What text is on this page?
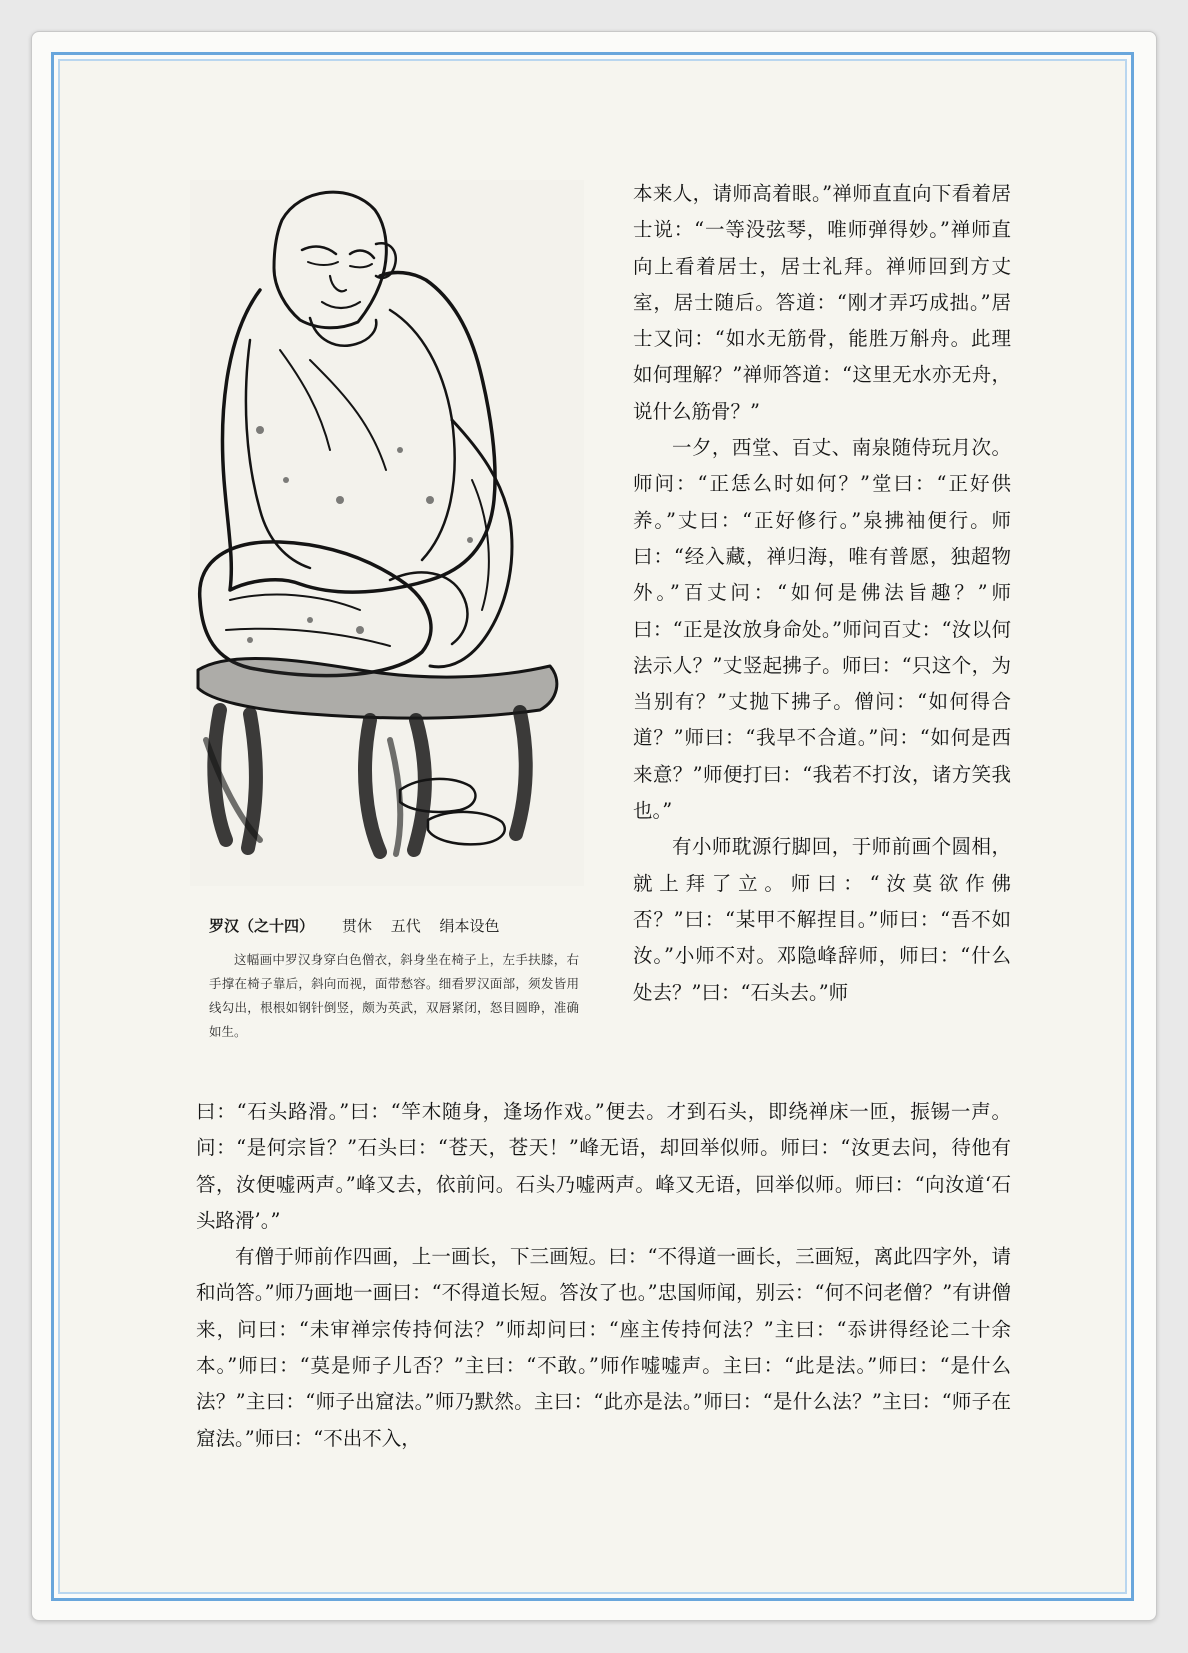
罗汉（之十四） 贯休 五代 绢本设色

这幅画中罗汉身穿白色僧衣，斜身坐在椅子上，左手扶膝，右手撑在椅子靠后，斜向而视，面带愁容。细看罗汉面部，须发皆用线勾出，根根如钢针倒竖，颇为英武，双唇紧闭，怒目圆睁，准确如生。

本来人，请师高着眼。”禅师直直向下看着居士说：“一等没弦琴，唯师弹得妙。”禅师直向上看着居士，居士礼拜。禅师回到方丈室，居士随后。答道：“刚才弄巧成拙。”居士又问：“如水无筋骨，能胜万斛舟。此理如何理解？”禅师答道：“这里无水亦无舟，说什么筋骨？”

一夕，西堂、百丈、南泉随侍玩月次。师问：“正恁么时如何？”堂曰：“正好供养。”丈曰：“正好修行。”泉拂袖便行。师曰：“经入藏，禅归海，唯有普愿，独超物外。”百丈问：“如何是佛法旨趣？”师曰：“正是汝放身命处。”师问百丈：“汝以何法示人？”丈竖起拂子。师曰：“只这个，为当别有？”丈抛下拂子。僧问：“如何得合道？”师曰：“我早不合道。”问：“如何是西来意？”师便打曰：“我若不打汝，诸方笑我也。”

有小师耽源行脚回，于师前画个圆相，就上拜了立。师曰：“汝莫欲作佛否？”曰：“某甲不解捏目。”师曰：“吾不如汝。”小师不对。邓隐峰辞师，师曰：“什么处去？”曰：“石头去。”师

曰：“石头路滑。”曰：“竿木随身，逢场作戏。”便去。才到石头，即绕禅床一匝，振锡一声。问：“是何宗旨？”石头曰：“苍天，苍天！”峰无语，却回举似师。师曰：“汝更去问，待他有答，汝便嘘两声。”峰又去，依前问。石头乃嘘两声。峰又无语，回举似师。师曰：“向汝道‘石头路滑’。”

有僧于师前作四画，上一画长，下三画短。曰：“不得道一画长，三画短，离此四字外，请和尚答。”师乃画地一画曰：“不得道长短。答汝了也。”忠国师闻，别云：“何不问老僧？”有讲僧来，问曰：“未审禅宗传持何法？”师却问曰：“座主传持何法？”主曰：“忝讲得经论二十余本。”师曰：“莫是师子儿否？”主曰：“不敢。”师作嘘嘘声。主曰：“此是法。”师曰：“是什么法？”主曰：“师子出窟法。”师乃默然。主曰：“此亦是法。”师曰：“是什么法？”主曰：“师子在窟法。”师曰：“不出不入，
